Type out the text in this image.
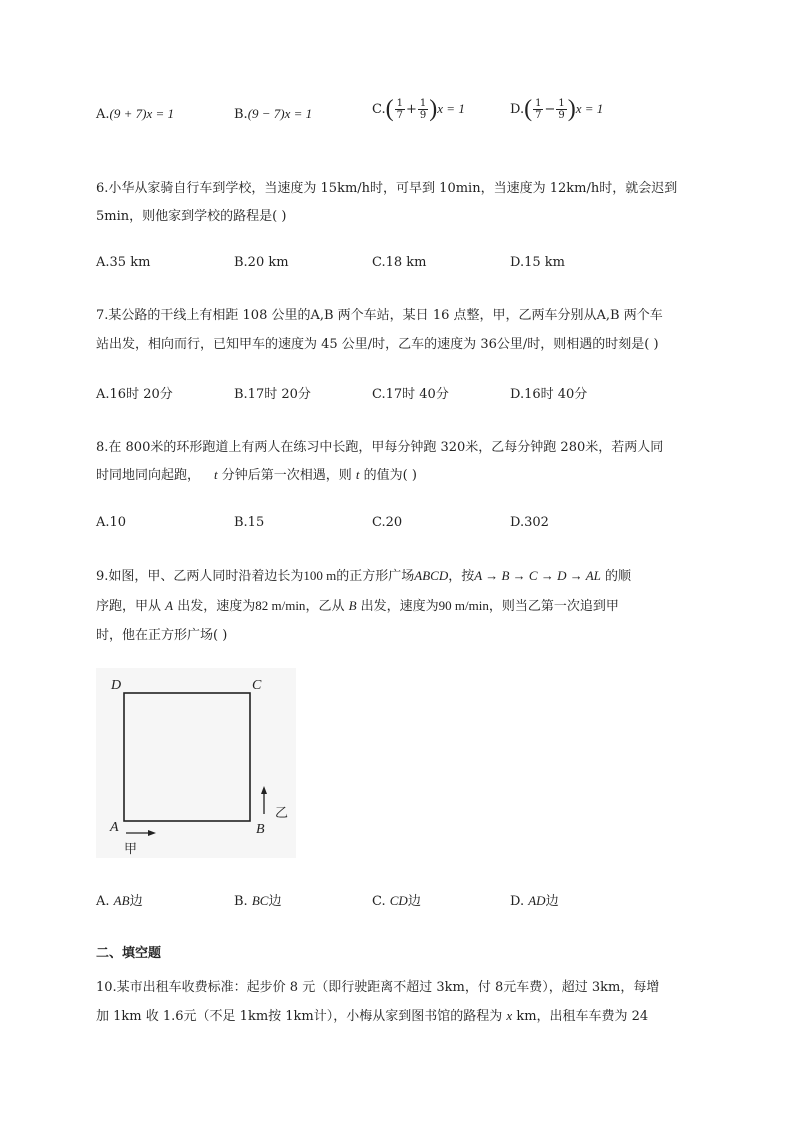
A.(9 + 7)x = 1	B.(9 − 7)x = 1	$C.( \frac{1}{7} + \frac{1}{9} )x = 1$	$D.( \frac{1}{7} - \frac{1}{9} )x = 1$
6.小华从家骑自行车到学校，当速度为 15km/h时，可早到 10min，当速度为 12km/h时，就会迟到
5min，则他家到学校的路程是( )
A.35 km	B.20 km	C.18 km	D.15 km
7.某公路的干线上有相距 108 公里的A,B 两个车站，某日 16 点整，甲，乙两车分别从A,B 两个车
站出发，相向而行，已知甲车的速度为 45 公里/时，乙车的速度为 36公里/时，则相遇的时刻是( )
A.16时 20分	B.17时 20分	C.17时 40分	D.16时 40分
8.在 800米的环形跑道上有两人在练习中长跑，甲每分钟跑 320米，乙每分钟跑 280米，若两人同
时同地同向起跑， t 分钟后第一次相遇，则 t 的值为( )
A.10	B.15	C.20	D.302
9.如图，甲、乙两人同时沿着边长为100 m的正方形广场ABCD，按A → B → C → D → AL 的顺
序跑，甲从 A 出发，速度为82 m/min，乙从 B 出发，速度为90 m/min，则当乙第一次追到甲
时，他在正方形广场( )
D	C
A	B
甲
乙
A. AB边	B. BC边	C. CD边	D. AD边
二、填空题
10.某市出租车收费标准：起步价 8 元（即行驶距离不超过 3km，付 8元车费），超过 3km，每增
加 1km 收 1.6元（不足 1km按 1km计），小梅从家到图书馆的路程为 x km，出租车车费为 24
